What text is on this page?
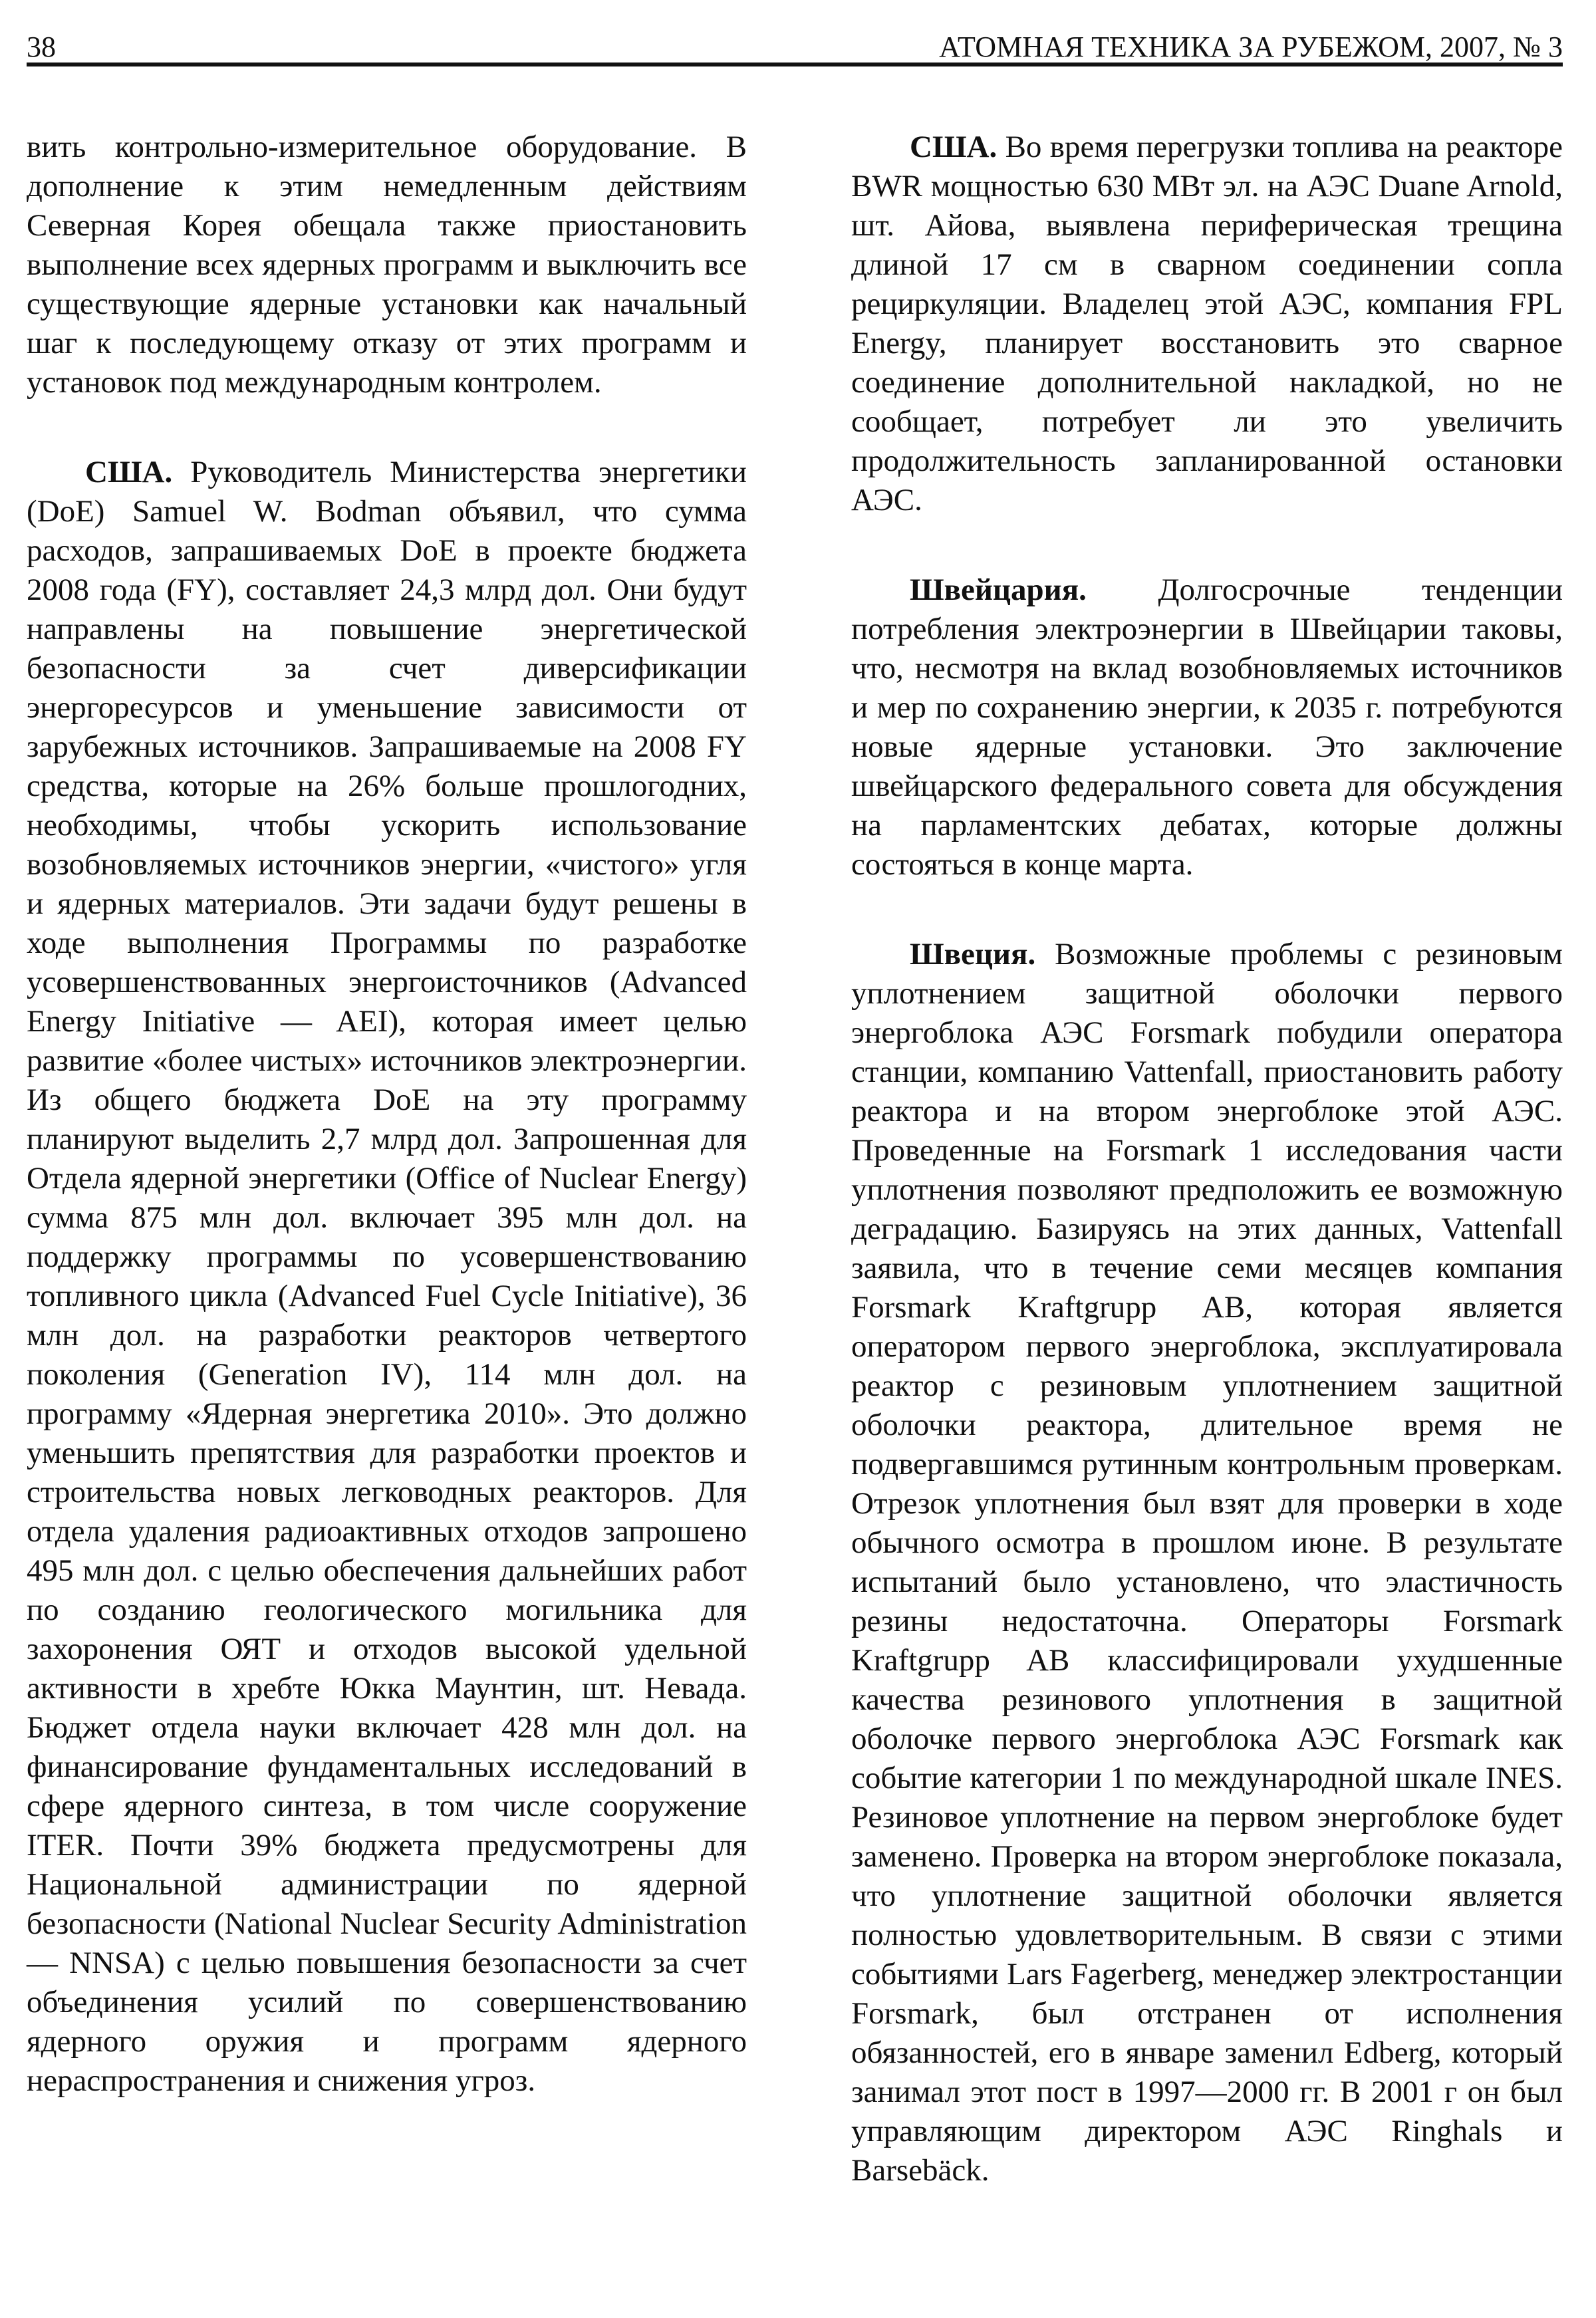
38	АТОМНАЯ ТЕХНИКА ЗА РУБЕЖОМ, 2007, № 3

вить контрольно-измерительное оборудование. В дополнение к этим немедленным действиям Северная Корея обещала также приостановить выполнение всех ядерных программ и выключить все существующие ядерные установки как начальный шаг к последующему отказу от этих программ и установок под международным контролем.

США. Руководитель Министерства энергетики (DoE) Samuel W. Bodman объявил, что сумма расходов, запрашиваемых DoE в проекте бюджета 2008 года (FY), составляет 24,3 млрд дол. Они будут направлены на повышение энергетической безопасности за счет диверсификации энергоресурсов и уменьшение зависимости от зарубежных источников. Запрашиваемые на 2008 FY средства, которые на 26% больше прошлогодних, необходимы, чтобы ускорить использование возобновляемых источников энергии, «чистого» угля и ядерных материалов. Эти задачи будут решены в ходе выполнения Программы по разработке усовершенствованных энергоисточников (Advanced Energy Initiative — AEI), которая имеет целью развитие «более чистых» источников электроэнергии. Из общего бюджета DoE на эту программу планируют выделить 2,7 млрд дол. Запрошенная для Отдела ядерной энергетики (Office of Nuclear Energy) сумма 875 млн дол. включает 395 млн дол. на поддержку программы по усовершенствованию топливного цикла (Advanced Fuel Cycle Initiative), 36 млн дол. на разработки реакторов четвертого поколения (Generation IV), 114 млн дол. на программу «Ядерная энергетика 2010». Это должно уменьшить препятствия для разработки проектов и строительства новых легководных реакторов. Для отдела удаления радиоактивных отходов запрошено 495 млн дол. с целью обеспечения дальнейших работ по созданию геологического могильника для захоронения ОЯТ и отходов высокой удельной активности в хребте Юкка Маунтин, шт. Невада. Бюджет отдела науки включает 428 млн дол. на финансирование фундаментальных исследований в сфере ядерного синтеза, в том числе сооружение ITER. Почти 39% бюджета предусмотрены для Национальной администрации по ядерной безопасности (National Nuclear Security Administration — NNSA) с целью повышения безопасности за счет объединения усилий по совершенствованию ядерного оружия и программ ядерного нераспространения и снижения угроз.

США. Во время перегрузки топлива на реакторе BWR мощностью 630 МВт эл. на АЭС Duane Arnold, шт. Айова, выявлена периферическая трещина длиной 17 см в сварном соединении сопла рециркуляции. Владелец этой АЭС, компания FPL Energy, планирует восстановить это сварное соединение дополнительной накладкой, но не сообщает, потребует ли это увеличить продолжительность запланированной остановки АЭС.

Швейцария. Долгосрочные тенденции потребления электроэнергии в Швейцарии таковы, что, несмотря на вклад возобновляемых источников и мер по сохранению энергии, к 2035 г. потребуются новые ядерные установки. Это заключение швейцарского федерального совета для обсуждения на парламентских дебатах, которые должны состояться в конце марта.

Швеция. Возможные проблемы с резиновым уплотнением защитной оболочки первого энергоблока АЭС Forsmark побудили оператора станции, компанию Vattenfall, приостановить работу реактора и на втором энергоблоке этой АЭС. Проведенные на Forsmark 1 исследования части уплотнения позволяют предположить ее возможную деградацию. Базируясь на этих данных, Vattenfall заявила, что в течение семи месяцев компания Forsmark Kraftgrupp AB, которая является оператором первого энергоблока, эксплуатировала реактор с резиновым уплотнением защитной оболочки реактора, длительное время не подвергавшимся рутинным контрольным проверкам. Отрезок уплотнения был взят для проверки в ходе обычного осмотра в прошлом июне. В результате испытаний было установлено, что эластичность резины недостаточна. Операторы Forsmark Kraftgrupp AB классифицировали ухудшенные качества резинового уплотнения в защитной оболочке первого энергоблока АЭС Forsmark как событие категории 1 по международной шкале INES. Резиновое уплотнение на первом энергоблоке будет заменено. Проверка на втором энергоблоке показала, что уплотнение защитной оболочки является полностью удовлетворительным. В связи с этими событиями Lars Fagerberg, менеджер электростанции Forsmark, был отстранен от исполнения обязанностей, его в январе заменил Edberg, который занимал этот пост в 1997—2000 гг. В 2001 г он был управляющим директором АЭС Ringhals и Barsebäck.
